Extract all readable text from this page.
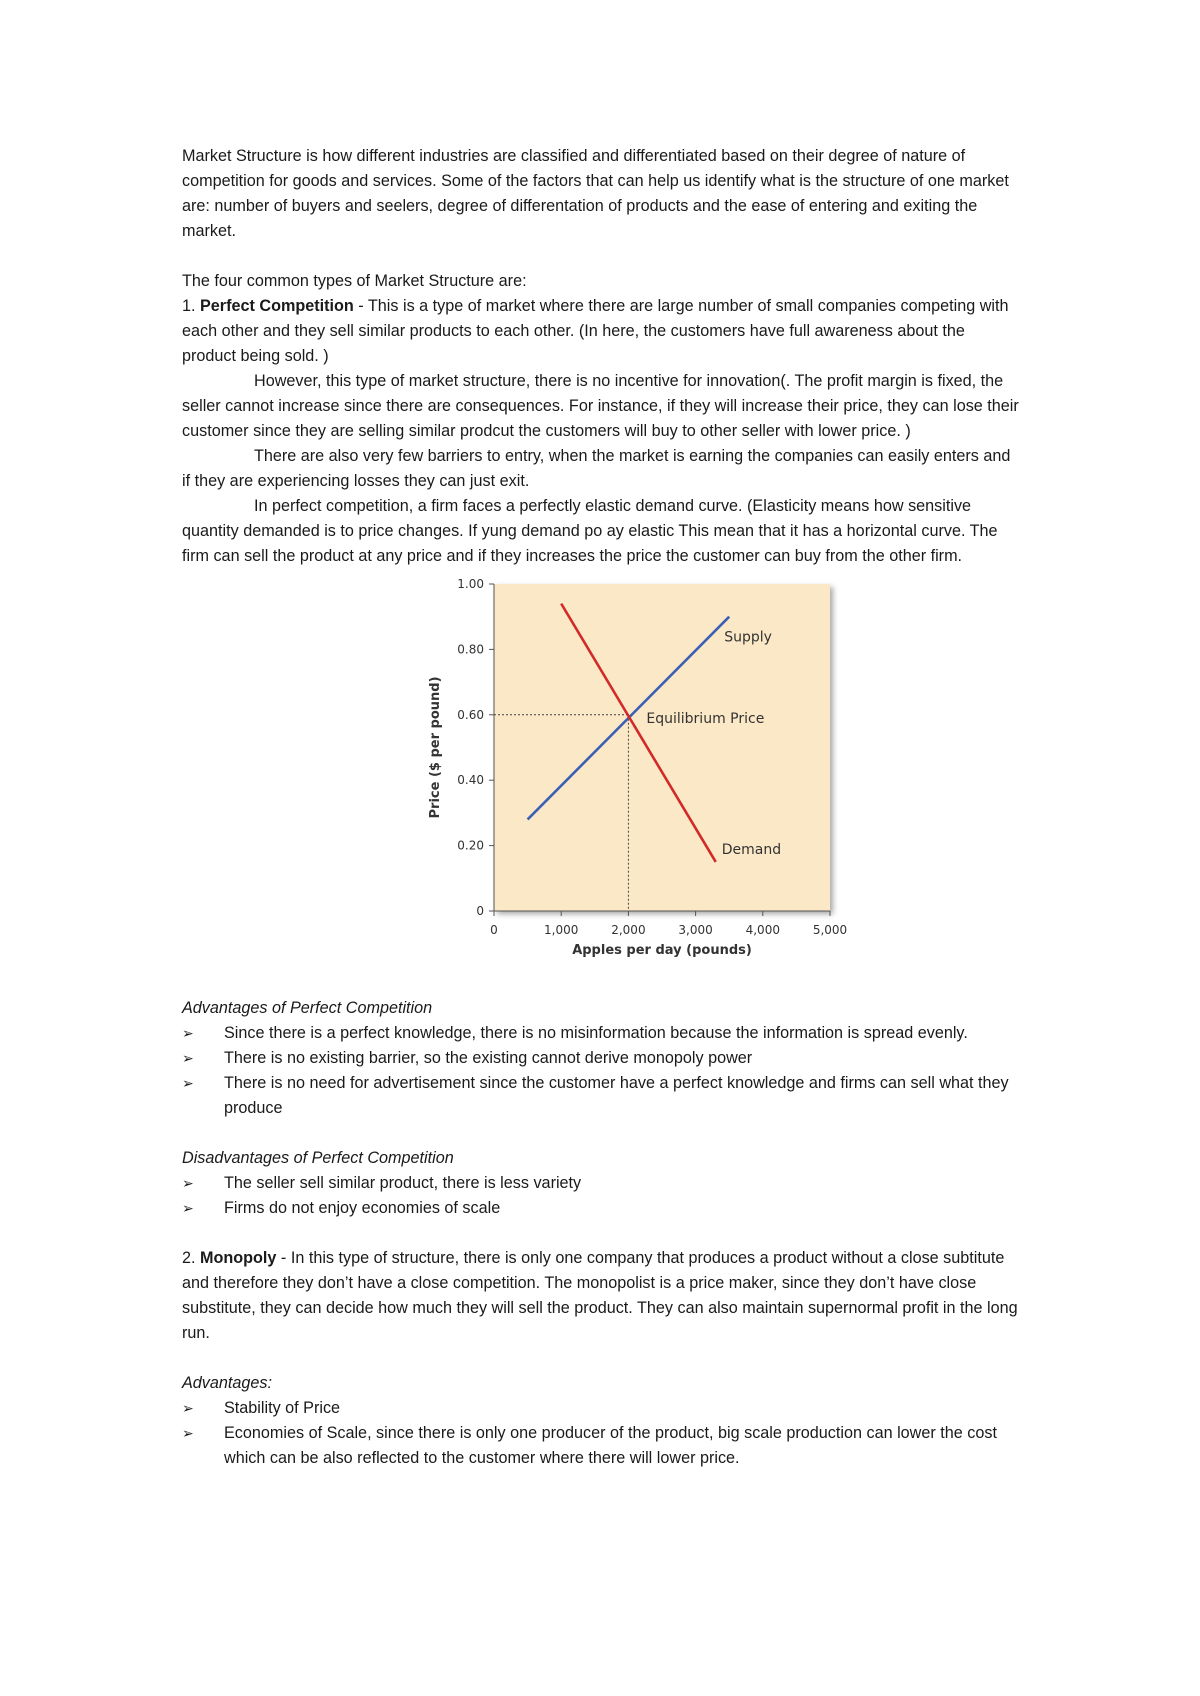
Market Structure is how different industries are classified and differentiated based on their degree of nature of competition for goods and services. Some of the factors that can help us identify what is the structure of one market are: number of buyers and seelers, degree of differentation of products and the ease of entering and exiting the market.

The four common types of Market Structure are:

1. Perfect Competition - This is a type of market where there are large number of small companies competing with each other and they sell similar products to each other. (In here, the customers have full awareness about the product being sold. )

However, this type of market structure, there is no incentive for innovation(. The profit margin is fixed, the seller cannot increase since there are consequences. For instance, if they will increase their price, they can lose their customer since they are selling similar prodcut the customers will buy to other seller with lower price. )

There are also very few barriers to entry, when the market is earning the companies can easily enters and if they are experiencing losses they can just exit.

In perfect competition, a firm faces a perfectly elastic demand curve. (Elasticity means how sensitive quantity demanded is to price changes. If yung demand po ay elastic This mean that it has a horizontal curve. The firm can sell the product at any price and if they increases the price the customer can buy from the other firm.

0
0.20
0.40
0.60
0.80
1.00
0	1,000	2,000	3,000	4,000	5,000
Apples per day (pounds)
Price ($ per pound)
Supply
Demand
Equilibrium Price

Advantages of Perfect Competition

➢ Since there is a perfect knowledge, there is no misinformation because the information is spread evenly.
➢ There is no existing barrier, so the existing cannot derive monopoly power
➢ There is no need for advertisement since the customer have a perfect knowledge and firms can sell what they produce

Disadvantages of Perfect Competition

➢ The seller sell similar product, there is less variety
➢ Firms do not enjoy economies of scale

2. Monopoly - In this type of structure, there is only one company that produces a product without a close subtitute and therefore they don’t have a close competition. The monopolist is a price maker, since they don’t have close substitute, they can decide how much they will sell the product. They can also maintain supernormal profit in the long run.

Advantages:

➢ Stability of Price
➢ Economies of Scale, since there is only one producer of the product, big scale production can lower the cost which can be also reflected to the customer where there will lower price.
